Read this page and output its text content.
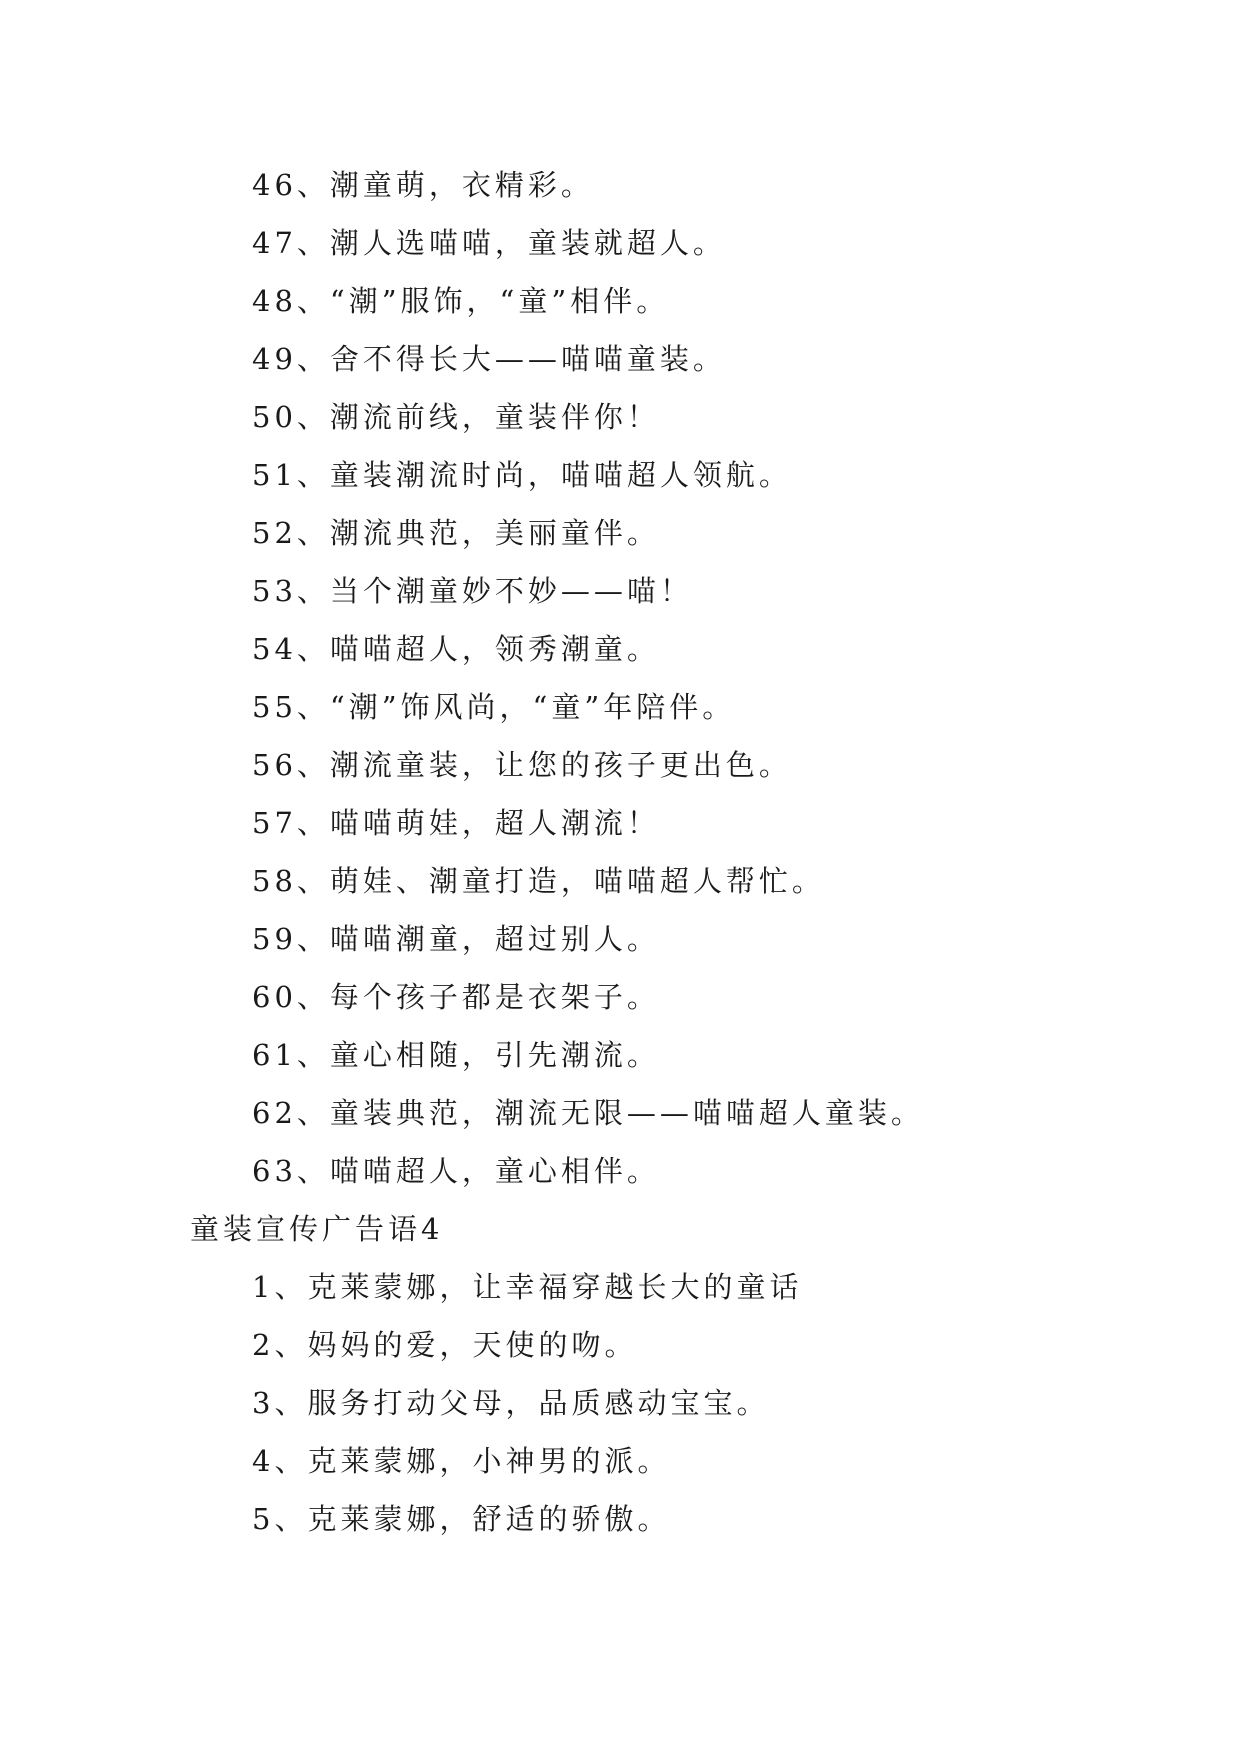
46、潮童萌，衣精彩。
47、潮人选喵喵，童装就超人。
48、“潮”服饰，“童”相伴。
49、舍不得长大——喵喵童装。
50、潮流前线，童装伴你！
51、童装潮流时尚，喵喵超人领航。
52、潮流典范，美丽童伴。
53、当个潮童妙不妙——喵！
54、喵喵超人，领秀潮童。
55、“潮”饰风尚，“童”年陪伴。
56、潮流童装，让您的孩子更出色。
57、喵喵萌娃，超人潮流！
58、萌娃、潮童打造，喵喵超人帮忙。
59、喵喵潮童，超过别人。
60、每个孩子都是衣架子。
61、童心相随，引先潮流。
62、童装典范，潮流无限——喵喵超人童装。
63、喵喵超人，童心相伴。
童装宣传广告语4
1、克莱蒙娜，让幸福穿越长大的童话
2、妈妈的爱，天使的吻。
3、服务打动父母，品质感动宝宝。
4、克莱蒙娜，小神男的派。
5、克莱蒙娜，舒适的骄傲。
